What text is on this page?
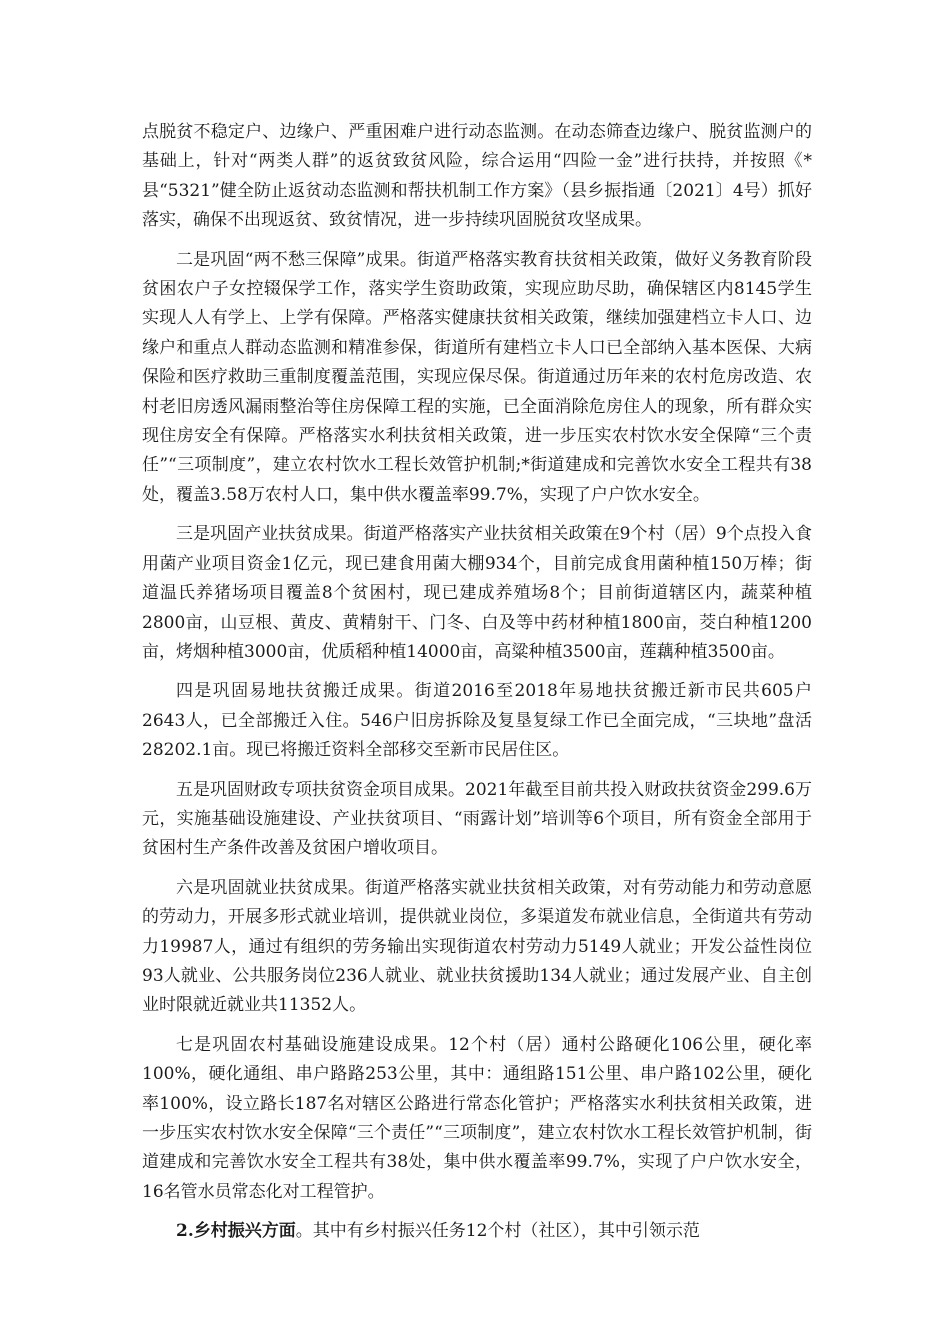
点脱贫不稳定户、边缘户、严重困难户进行动态监测。在动态筛查边缘户、脱贫监测户的基础上，针对“两类人群”的返贫致贫风险，综合运用“四险一金”进行扶持，并按照《*县“5321”健全防止返贫动态监测和帮扶机制工作方案》（县乡振指通〔2021〕4号）抓好落实，确保不出现返贫、致贫情况，进一步持续巩固脱贫攻坚成果。

二是巩固“两不愁三保障”成果。街道严格落实教育扶贫相关政策，做好义务教育阶段贫困农户子女控辍保学工作，落实学生资助政策，实现应助尽助，确保辖区内8145学生实现人人有学上、上学有保障。严格落实健康扶贫相关政策，继续加强建档立卡人口、边缘户和重点人群动态监测和精准参保，街道所有建档立卡人口已全部纳入基本医保、大病保险和医疗救助三重制度覆盖范围，实现应保尽保。街道通过历年来的农村危房改造、农村老旧房透风漏雨整治等住房保障工程的实施，已全面消除危房住人的现象，所有群众实现住房安全有保障。严格落实水利扶贫相关政策，进一步压实农村饮水安全保障“三个责任”“三项制度”，建立农村饮水工程长效管护机制;*街道建成和完善饮水安全工程共有38处，覆盖3.58万农村人口，集中供水覆盖率99.7%，实现了户户饮水安全。

三是巩固产业扶贫成果。街道严格落实产业扶贫相关政策在9个村（居）9个点投入食用菌产业项目资金1亿元，现已建食用菌大棚934个，目前完成食用菌种植150万棒；街道温氏养猪场项目覆盖8个贫困村，现已建成养殖场8个；目前街道辖区内，蔬菜种植2800亩，山豆根、黄皮、黄精射干、门冬、白及等中药材种植1800亩，茭白种植1200亩，烤烟种植3000亩，优质稻种植14000亩，高粱种植3500亩，莲藕种植3500亩。

四是巩固易地扶贫搬迁成果。街道2016至2018年易地扶贫搬迁新市民共605户2643人，已全部搬迁入住。546户旧房拆除及复垦复绿工作已全面完成，“三块地”盘活28202.1亩。现已将搬迁资料全部移交至新市民居住区。

五是巩固财政专项扶贫资金项目成果。2021年截至目前共投入财政扶贫资金299.6万元，实施基础设施建设、产业扶贫项目、“雨露计划”培训等6个项目，所有资金全部用于贫困村生产条件改善及贫困户增收项目。

六是巩固就业扶贫成果。街道严格落实就业扶贫相关政策，对有劳动能力和劳动意愿的劳动力，开展多形式就业培训，提供就业岗位，多渠道发布就业信息，全街道共有劳动力19987人，通过有组织的劳务输出实现街道农村劳动力5149人就业；开发公益性岗位93人就业、公共服务岗位236人就业、就业扶贫援助134人就业；通过发展产业、自主创业时限就近就业共11352人。

七是巩固农村基础设施建设成果。12个村（居）通村公路硬化106公里，硬化率100%，硬化通组、串户路路253公里，其中：通组路151公里、串户路102公里，硬化率100%，设立路长187名对辖区公路进行常态化管护；严格落实水利扶贫相关政策，进一步压实农村饮水安全保障“三个责任”“三项制度”，建立农村饮水工程长效管护机制，街道建成和完善饮水安全工程共有38处，集中供水覆盖率99.7%，实现了户户饮水安全，16名管水员常态化对工程管护。

2.乡村振兴方面。其中有乡村振兴任务12个村（社区），其中引领示范
